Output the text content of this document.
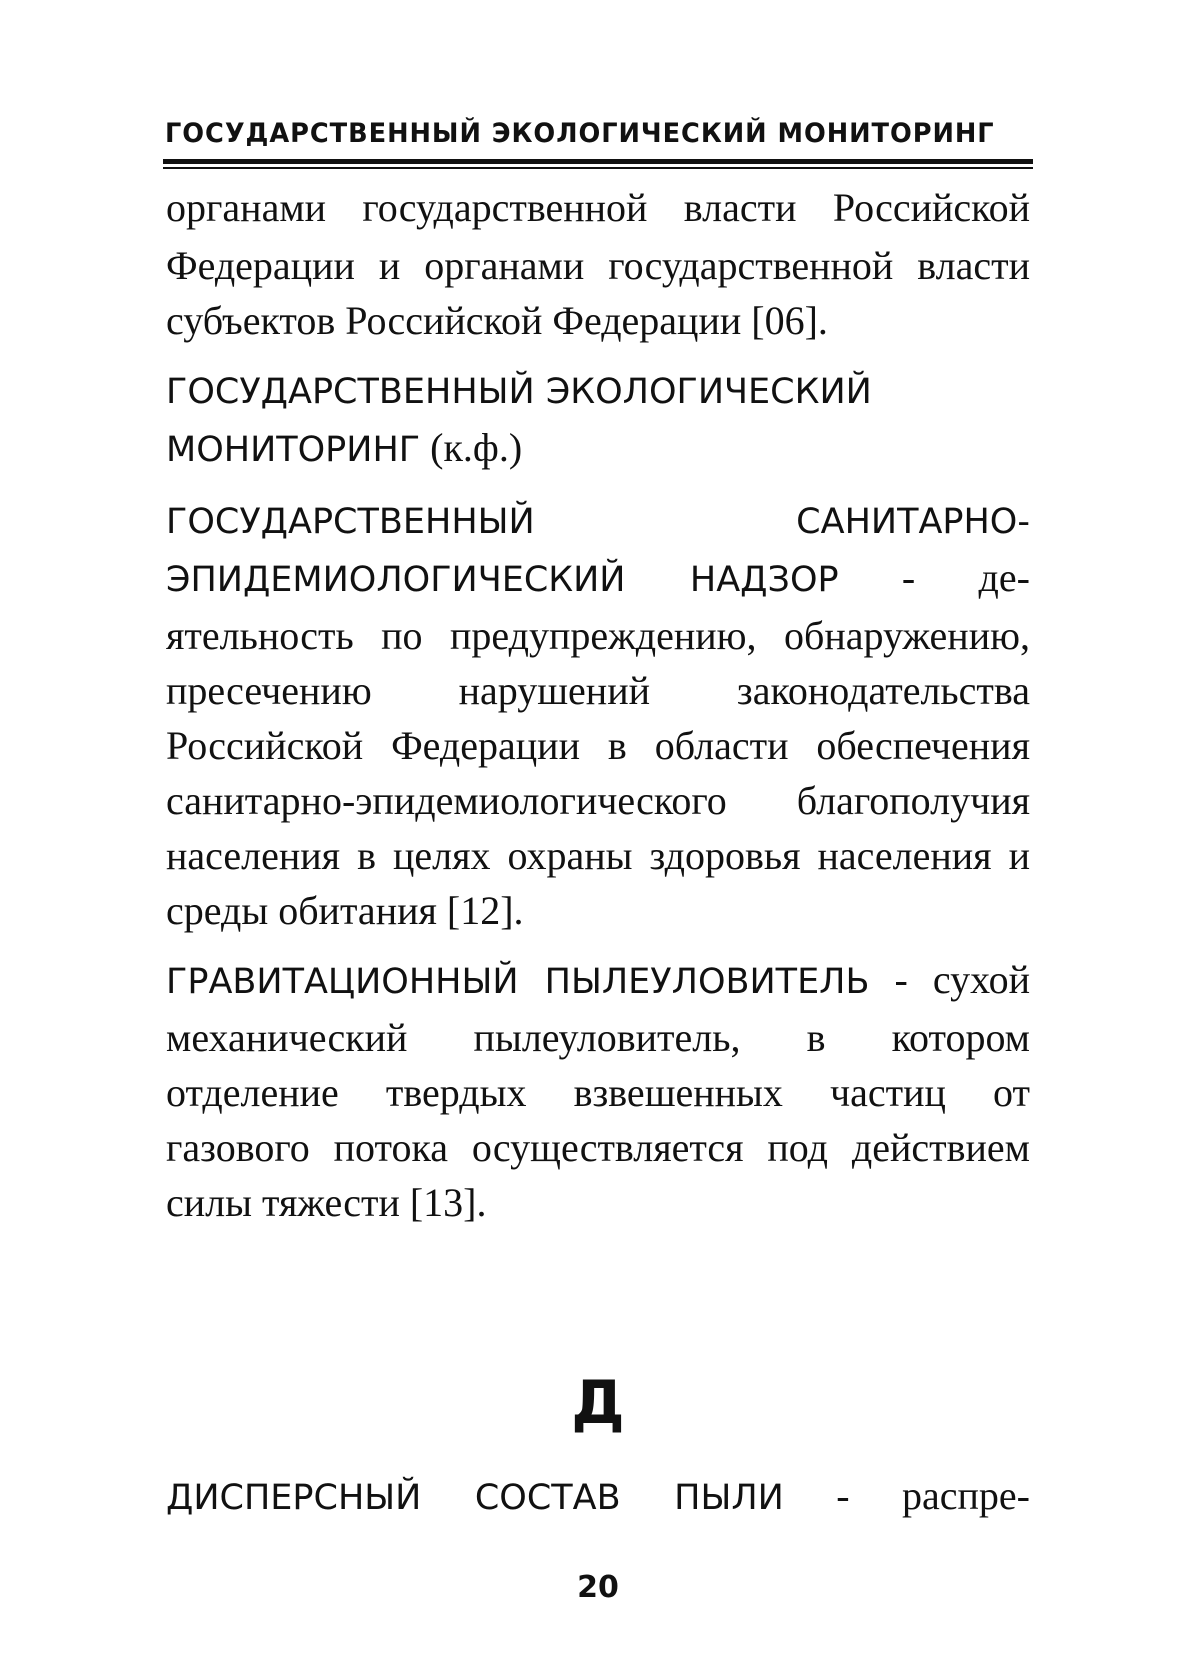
ГОСУДАРСТВЕННЫЙ ЭКОЛОГИЧЕСКИЙ МОНИТОРИНГ

органами государственной власти Российской Федерации и органами государственной власти субъектов Российской Федерации [06].

ГОСУДАРСТВЕННЫЙ ЭКОЛОГИЧЕСКИЙ МОНИТОРИНГ (к.ф.)

ГОСУДАРСТВЕННЫЙ САНИТАРНО-ЭПИДЕМИОЛОГИЧЕСКИЙ НАДЗОР - деятельность по предупреждению, обнаружению, пресечению нарушений законодательства Российской Федерации в области обеспечения санитарно-эпидемиологического благополучия населения в целях охраны здоровья населения и среды обитания [12].

ГРАВИТАЦИОННЫЙ ПЫЛЕУЛОВИТЕЛЬ - сухой механический пылеуловитель, в котором отделение твердых взвешенных частиц от газового потока осуществляется под действием силы тяжести [13].

Д
ДИСПЕРСНЫЙ СОСТАВ ПЫЛИ - распре-
20
